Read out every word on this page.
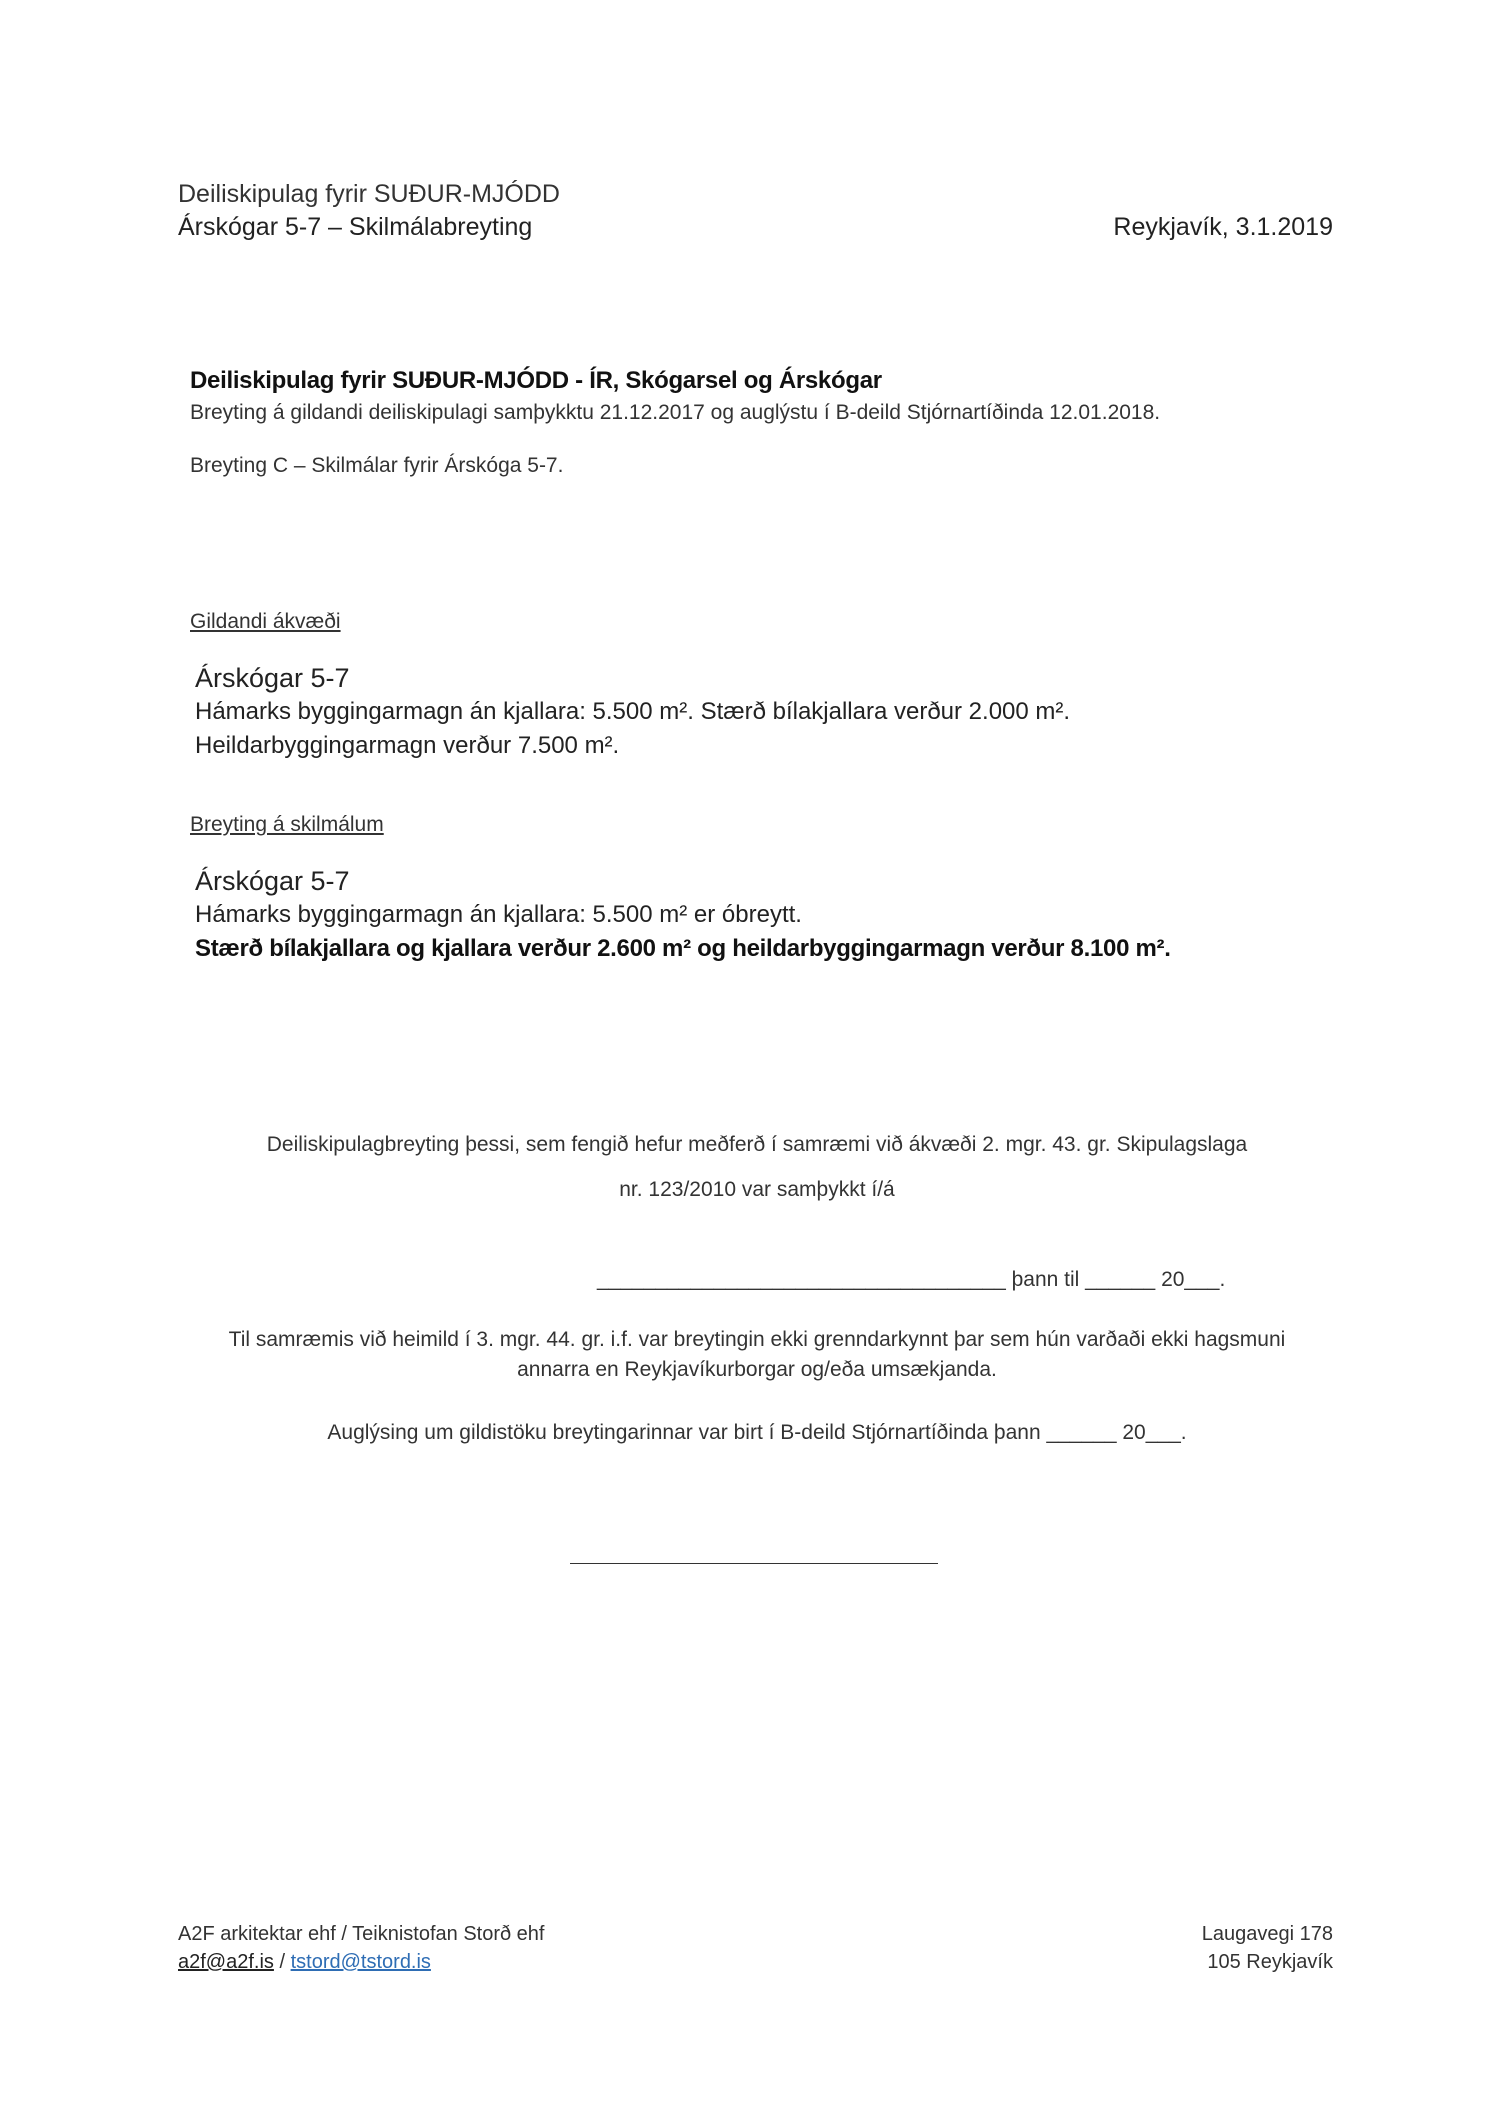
Deiliskipulag fyrir SUÐUR-MJÓDD
Árskógar 5-7 – Skilmálabreyting	Reykjavík, 3.1.2019
Deiliskipulag fyrir SUÐUR-MJÓDD - ÍR, Skógarsel og Árskógar
Breyting á gildandi deiliskipulagi samþykktu 21.12.2017 og auglýstu í B-deild Stjórnartíðinda 12.01.2018.
Breyting C – Skilmálar fyrir Árskóga 5-7.
Gildandi ákvæði
Árskógar 5-7
Hámarks byggingarmagn án kjallara: 5.500 m². Stærð bílakjallara verður 2.000 m².
Heildarbyggingarmagn verður 7.500 m².
Breyting á skilmálum
Árskógar 5-7
Hámarks byggingarmagn án kjallara: 5.500 m² er óbreytt.
Stærð bílakjallara og kjallara verður 2.600 m² og heildarbyggingarmagn verður 8.100 m².
Deiliskipulagbreyting þessi, sem fengið hefur meðferð í samræmi við ákvæði 2. mgr. 43. gr. Skipulagslaga
nr. 123/2010 var samþykkt í/á
___________________________________ þann til ______ 20___.
Til samræmis við heimild í 3. mgr. 44. gr. i.f. var breytingin ekki grenndarkynnt þar sem hún varðaði ekki hagsmuni
annarra en Reykjavíkurborgar og/eða umsækjanda.
Auglýsing um gildistöku breytingarinnar var birt í B-deild Stjórnartíðinda þann ______ 20___.
A2F arkitektar ehf / Teiknistofan Storð ehf
a2f@a2f.is / tstord@tstord.is
Laugavegi 178
105 Reykjavík
